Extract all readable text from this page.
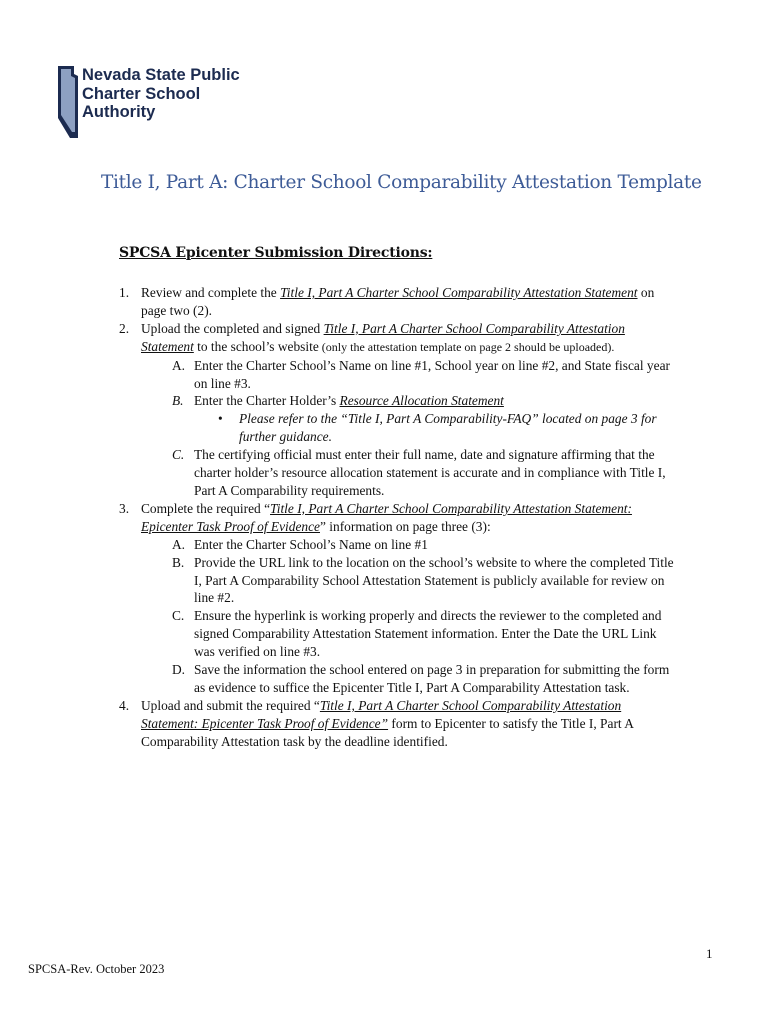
Nevada State Public
Charter School
Authority
Title I, Part A: Charter School Comparability Attestation Template
SPCSA Epicenter Submission Directions:
1. Review and complete the Title I, Part A Charter School Comparability Attestation Statement on page two (2).
2. Upload the completed and signed Title I, Part A Charter School Comparability Attestation Statement to the school’s website (only the attestation template on page 2 should be uploaded).
A. Enter the Charter School’s Name on line #1, School year on line #2, and State fiscal year on line #3.
B. Enter the Charter Holder’s Resource Allocation Statement
• Please refer to the “Title I, Part A Comparability-FAQ” located on page 3 for further guidance.
C. The certifying official must enter their full name, date and signature affirming that the charter holder’s resource allocation statement is accurate and in compliance with Title I, Part A Comparability requirements.
3. Complete the required “Title I, Part A Charter School Comparability Attestation Statement: Epicenter Task Proof of Evidence” information on page three (3):
A. Enter the Charter School’s Name on line #1
B. Provide the URL link to the location on the school’s website to where the completed Title I, Part A Comparability School Attestation Statement is publicly available for review on line #2.
C. Ensure the hyperlink is working properly and directs the reviewer to the completed and signed Comparability Attestation Statement information. Enter the Date the URL Link was verified on line #3.
D. Save the information the school entered on page 3 in preparation for submitting the form as evidence to suffice the Epicenter Title I, Part A Comparability Attestation task.
4. Upload and submit the required “Title I, Part A Charter School Comparability Attestation Statement: Epicenter Task Proof of Evidence” form to Epicenter to satisfy the Title I, Part A Comparability Attestation task by the deadline identified.
1
SPCSA-Rev. October 2023
